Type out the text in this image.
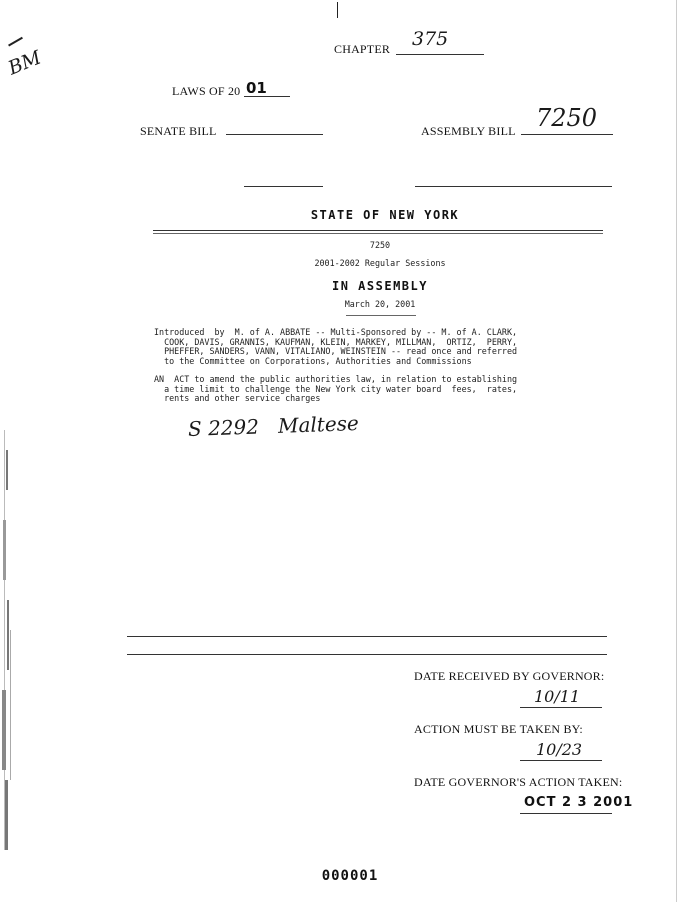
BM	CHAPTER 375
LAWS OF 20 01
SENATE BILL	ASSEMBLY BILL 7250
STATE OF NEW YORK
7250
2001-2002 Regular Sessions
IN ASSEMBLY
March 20, 2001
Introduced  by  M. of A. ABBATE -- Multi-Sponsored by -- M. of A. CLARK,
COOK, DAVIS, GRANNIS, KAUFMAN, KLEIN, MARKEY, MILLMAN,  ORTIZ,  PERRY,
PHEFFER, SANDERS, VANN, VITALIANO, WEINSTEIN -- read once and referred
to the Committee on Corporations, Authorities and Commissions
AN  ACT to amend the public authorities law, in relation to establishing
a time limit to challenge the New York city water board  fees,  rates,
rents and other service charges
S 2292   Maltese
DATE RECEIVED BY GOVERNOR:
10/11
ACTION MUST BE TAKEN BY:
10/23
DATE GOVERNOR'S ACTION TAKEN:
OCT 2 3 2001
000001
